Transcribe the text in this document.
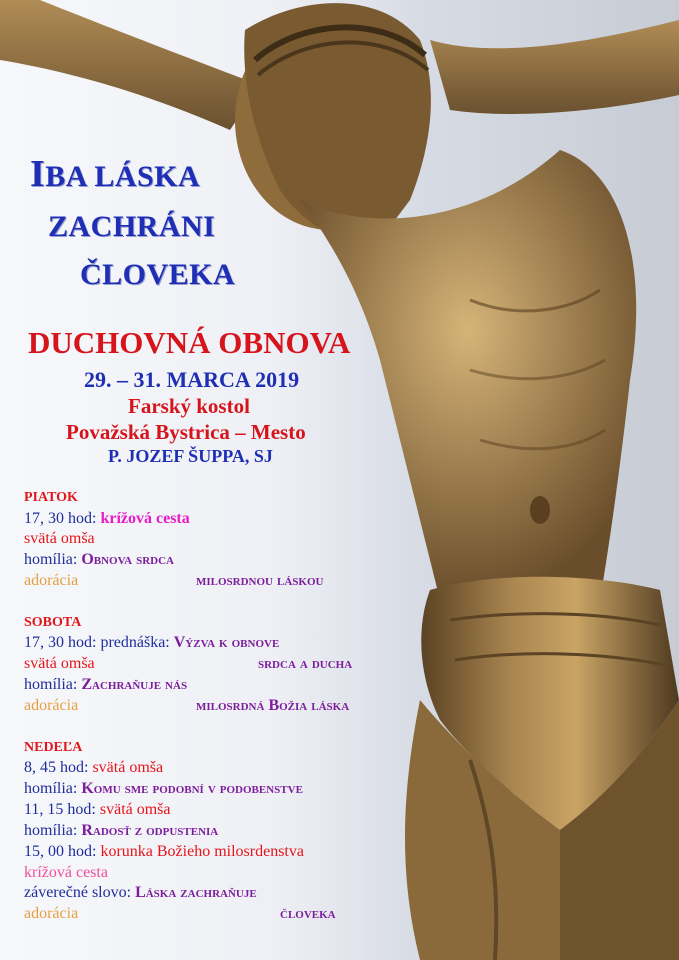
IBA LÁSKA
ZACHRÁNI
ČLOVEKA
DUCHOVNÁ OBNOVA
29. – 31. MARCA 2019
Farský kostol
Považská Bystrica – Mesto
P. JOZEF ŠUPPA, SJ
PIATOK
17, 30 hod: krížová cesta
svätá omša
homília: Obnova srdca
adorácia	milosrdnou láskou
SOBOTA
17, 30 hod: prednáška: Výzva k obnove
svätá omša	srdca a ducha
homília: Zachraňuje nás
adorácia	milosrdná Božia láska
NEDEĽA
8, 45 hod: svätá omša
homília: Komu sme podobní v podobenstve
11, 15 hod: svätá omša
homília: Radosť z odpustenia
15, 00 hod: korunka Božieho milosrdenstva
krížová cesta
záverečné slovo: Láska zachraňuje
adorácia	človeka
